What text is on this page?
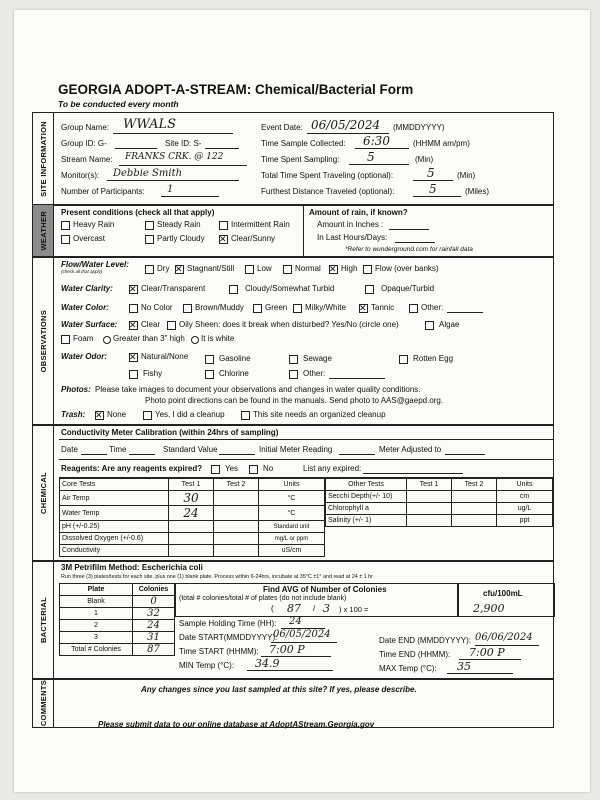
GEORGIA ADOPT-A-STREAM: Chemical/Bacterial Form
To be conducted every month
SITE INFORMATION Group Name: WWALS
Group ID: G-	Site ID: S-
Stream Name: FRANKS CRK. @ 122
Monitor(s): Debbie Smith
Number of Participants: 1
Event Date: 06/05/2024 (MMDDYYYY)
Time Sample Collected: 6:30	(HHMM am/pm)
Time Spent Sampling: 5	(Min)
Total Time Spent Traveling (optional):	5	(Min)
Furthest Distance Traveled (optional):	5	(Miles)
WEATHER Present conditions (check all that apply)
Heavy Rain	Steady Rain	Intermittent Rain
Overcast	Partly Cloudy ✕	Clear/Sunny
Amount of rain, if known?
Amount in Inches :
In Last Hours/Days:
*Refer to wunderground.com for rainfall data
OBSERVATIONS
Flow/Water Level:
(check all that apply)	Dry ✕ Stagnant/Still	Low	Normal ✕	High Flow (over banks)
Water Clarity: ✕	Clear/Transparent	Cloudy/Somewhat Turbid	Opaque/Turbid
Water Color:	No Color	Brown/Muddy	Green Milky/White ✕	Tannic	Other:
Water Surface: ✕	Clear Oily Sheen: does it break when disturbed? Yes/No (circle one)	Algae
Foam Greater than 3" high It is white
Water Odor: ✕	Natural/None	Gasoline	Sewage	Rotten Egg
Fishy	Chlorine	Other:
Photos: Please take images to document your observations and changes in water quality conditions.
Photo point directions can be found in the manuals. Send photo to AAS@gaepd.org.
Trash: ✕	None	Yes, I did a cleanup	This site needs an organized cleanup
CHEMICAL
Conductivity Meter Calibration (within 24hrs of sampling)
Date	Time	Standard Value	Initial Meter Reading	Meter Adjusted to
Reagents: Are any reagents expired?	Yes	No	List any expired:
Core Tests	Test 1	Test 2	Units
Air Temp	30		°C
Water Temp	24		°C
pH (+/-0.25)			Standard unit
Dissolved Oxygen (+/-0.6)			mg/L or ppm
Conductivity			uS/cm
Other Tests	Test 1	Test 2	Units
Secchi Depth(+/- 10)			cm
Chlorophyll a			ug/L
Salinity (+/- 1)			ppt
BACTERIAL
3M Petrifilm Method: Escherichia coli
Run three (3) plates/tests for each site, plus one (1) blank plate. Process within 6-24hrs, incubate at 35°C ±1° and read at 24 ± 1 hr
Plate	Colonies
Blank	0
1	32
2	24
3	31
Total # Colonies	87
Find AVG of Number of Colonies
(total # colonies/total # of plates (do not include blank)
( 87 / 3 ) x 100 =
cfu/100mL
2,900
Sample Holding Time (HH): 24
Date START(MMDDYYYY):
06/05/2024
Time START (HHMM): 7:00 P
MIN Temp (°C): 34.9
Date END (MMDDYYYY): 06/06/2024
Time END (HHMM): 7:00 P
MAX Temp (°C): 35
COMMENTS	Any changes since you last sampled at this site? If yes, please describe.
Please submit data to our online database at AdoptAStream.Georgia.gov
